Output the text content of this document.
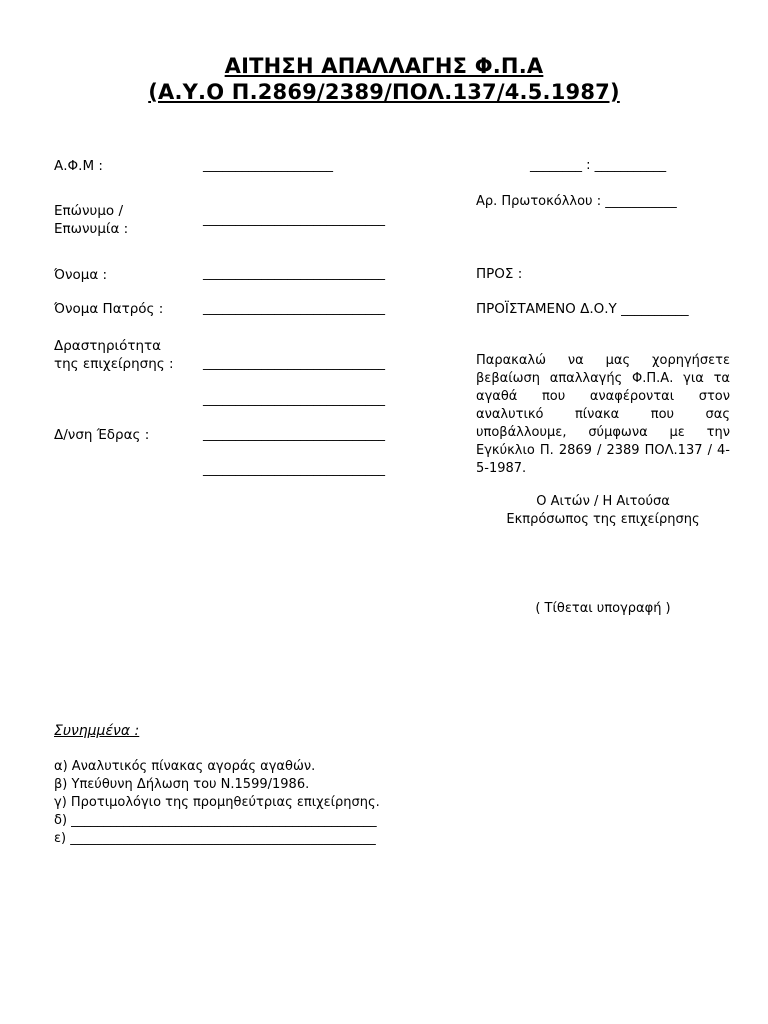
ΑΙΤΗΣΗ ΑΠΑΛΛΑΓΗΣ Φ.Π.Α
(Α.Υ.Ο Π.2869/2389/ΠΟΛ.137/4.5.1987)
Α.Φ.Μ :
Επώνυμο /
Επωνυμία :
Όνομα :
Όνομα Πατρός :
Δραστηριότητα
της επιχείρησης :
Δ/νση Έδρας :
____________________
____________________________
____________________________
____________________________
____________________________
____________________________
____________________________
____________________________
________ : ___________
Αρ. Πρωτοκόλλου : ___________
ΠΡΟΣ :
ΠΡΟΪΣΤΑΜΕΝΟ Δ.Ο.Υ __________
Παρακαλώ να μας χορηγήσετε βεβαίωση απαλλαγής Φ.Π.Α. για τα αγαθά που αναφέρονται στον αναλυτικό πίνακα που σας υποβάλλουμε, σύμφωνα με την Εγκύκλιο Π. 2869 / 2389 ΠΟΛ.137 / 4-5-1987.
Ο Αιτών / Η Αιτούσα
Εκπρόσωπος της επιχείρησης
( Τίθεται υπογραφή )
Συνημμένα :
α) Αναλυτικός πίνακας αγοράς αγαθών.
β) Υπεύθυνη Δήλωση του Ν.1599/1986.
γ) Προτιμολόγιο της προμηθεύτριας επιχείρησης.
δ) _______________________________________________
ε) _______________________________________________
